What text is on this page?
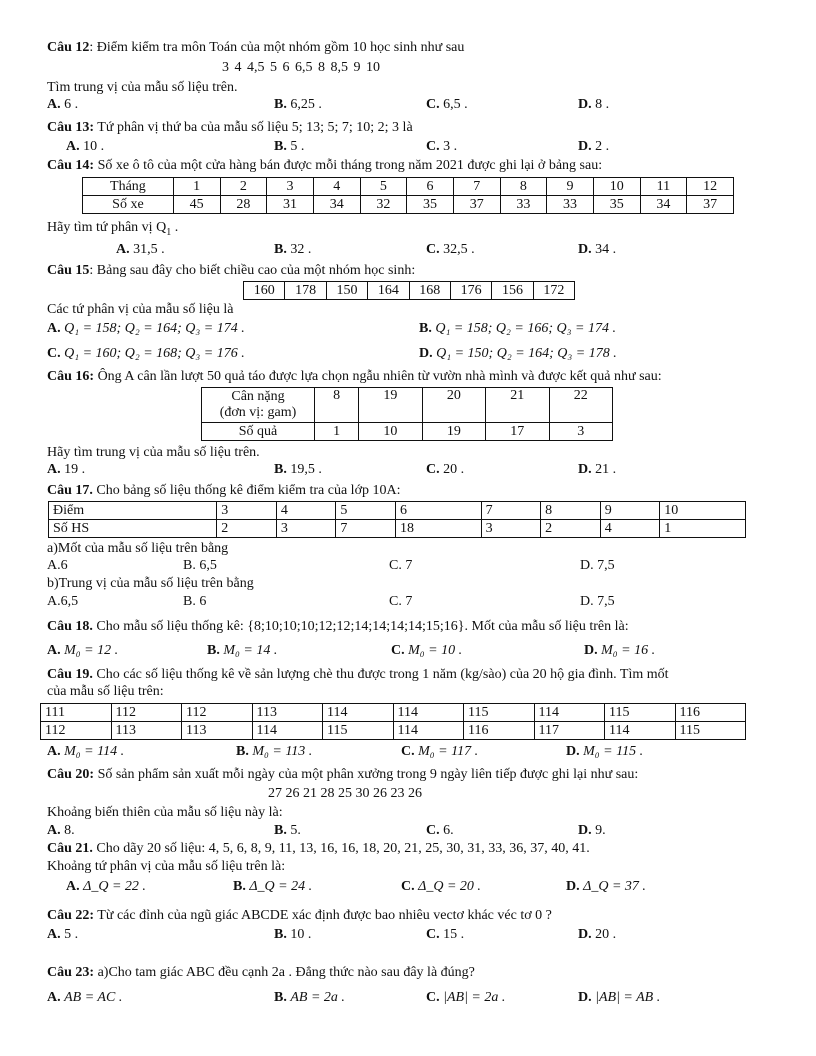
Câu 12: Điểm kiểm tra môn Toán của một nhóm gồm 10 học sinh như sau
3 4 4,5 5 6 6,5 8 8,5 9 10
Tìm trung vị của mẫu số liệu trên.
A. 6 .	B. 6,25 .	C. 6,5 .	D. 8 .
Câu 13: Tứ phân vị thứ ba của mẫu số liệu 5; 13; 5; 7; 10; 2; 3 là
A. 10 .	B. 5 .	C. 3 .	D. 2 .
Câu 14: Số xe ô tô của một cửa hàng bán được mỗi tháng trong năm 2021 được ghi lại ở bảng sau:
Tháng	1	2	3	4	5	6	7	8	9	10	11	12
Số xe	45	28	31	34	32	35	37	33	33	35	34	37
Hãy tìm tứ phân vị $Q_1$ .
A. 31,5 .	B. 32 .	C. 32,5 .	D. 34 .
Câu 15: Bảng sau đây cho biết chiều cao của một nhóm học sinh:
160	178	150	164	168	176	156	172
Các tứ phân vị của mẫu số liệu là
A. Q₁ = 158; Q₂ = 164; Q₃ = 174 .	B. Q₁ = 158; Q₂ = 166; Q₃ = 174 .
C. Q₁ = 160; Q₂ = 168; Q₃ = 176 .	D. Q₁ = 150; Q₂ = 164; Q₃ = 178 .
Câu 16: Ông A cân lần lượt 50 quả táo được lựa chọn ngẫu nhiên từ vườn nhà mình và được kết quả như sau:
Cân nặng
(đơn vị: gam)	8	19	20	21	22
Số quả	1	10	19	17	3
Hãy tìm trung vị của mẫu số liệu trên.
A. 19 .	B. 19,5 .	C. 20 .	D. 21 .
Câu 17. Cho bảng số liệu thống kê điểm kiểm tra của lớp 10A:
Điểm	3	4	5	6	7	8	9	10
Số HS	2	3	7	18	3	2	4	1
a)Mốt của mẫu số liệu trên bằng
A.6	B. 6,5	C. 7	D. 7,5
b)Trung vị của mẫu số liệu trên bằng
A.6,5	B. 6	C. 7	D. 7,5
Câu 18. Cho mẫu số liệu thống kê: {8;10;10;10;12;12;14;14;14;14;15;16}. Mốt của mẫu số liệu trên là:
A. M₀ = 12 .	B. M₀ = 14 .	C. M₀ = 10 .	D. M₀ = 16 .
Câu 19. Cho các số liệu thống kê về sản lượng chè thu được trong 1 năm (kg/sào) của 20 hộ gia đình. Tìm mốt
của mẫu số liệu trên:
111	112	112	113	114	114	115	114	115	116
112	113	113	114	115	114	116	117	114	115
A. M₀ = 114 .	B. M₀ = 113 .	C. M₀ = 117 .	D. M₀ = 115 .
Câu 20: Số sản phẩm sản xuất mỗi ngày của một phân xưởng trong 9 ngày liên tiếp được ghi lại như sau:
27 26 21 28 25 30 26 23 26
Khoảng biến thiên của mẫu số liệu này là:
A. 8.	B. 5.	C. 6.	D. 9.
Câu 21. Cho dãy 20 số liệu: 4, 5, 6, 8, 9, 11, 13, 16, 16, 18, 20, 21, 25, 30, 31, 33, 36, 37, 40, 41.
Khoảng tứ phân vị của mẫu số liệu trên là:
A. Δ_Q = 22 .	B. Δ_Q = 24 .	C. Δ_Q = 20 .	D. Δ_Q = 37 .
Câu 22: Từ các đỉnh của ngũ giác ABCDE xác định được bao nhiêu vectơ khác véc tơ 0 ?
A. 5 .	B. 10 .	C. 15 .	D. 20 .
Câu 23: a)Cho tam giác ABC đều cạnh 2a . Đẳng thức nào sau đây là đúng?
A. AB = AC .	B. AB = 2a .	C. |AB| = 2a .	D. |AB| = AB .
